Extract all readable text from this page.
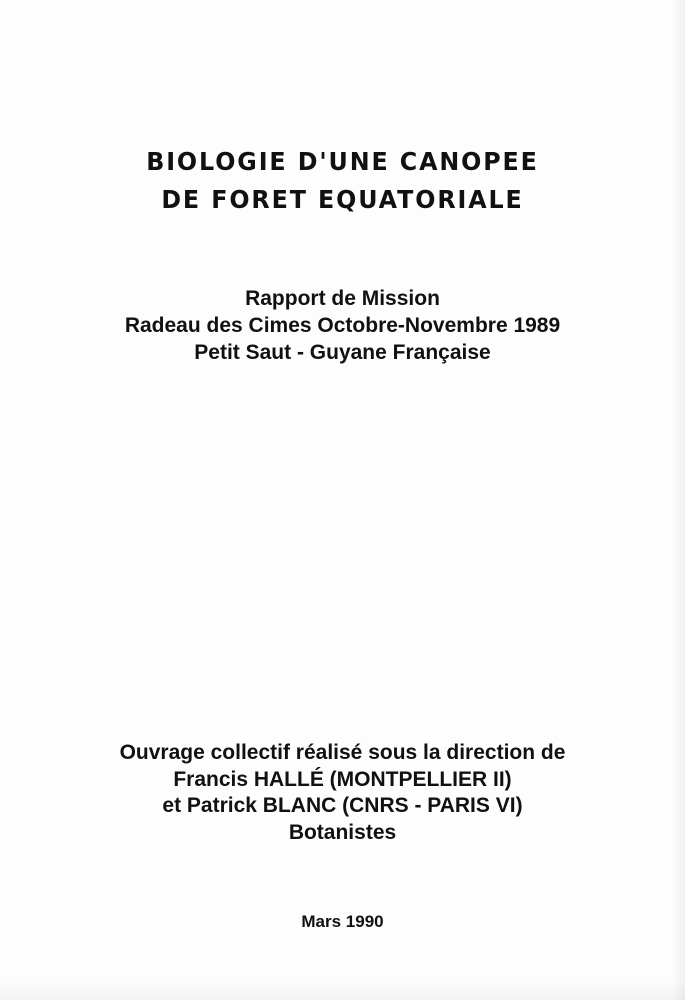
BIOLOGIE D'UNE CANOPEE
DE FORET EQUATORIALE
Rapport de Mission
Radeau des Cimes Octobre-Novembre 1989
Petit Saut - Guyane Française
Ouvrage collectif réalisé sous la direction de
Francis HALLÉ (MONTPELLIER II)
et Patrick BLANC (CNRS - PARIS VI)
Botanistes
Mars 1990
